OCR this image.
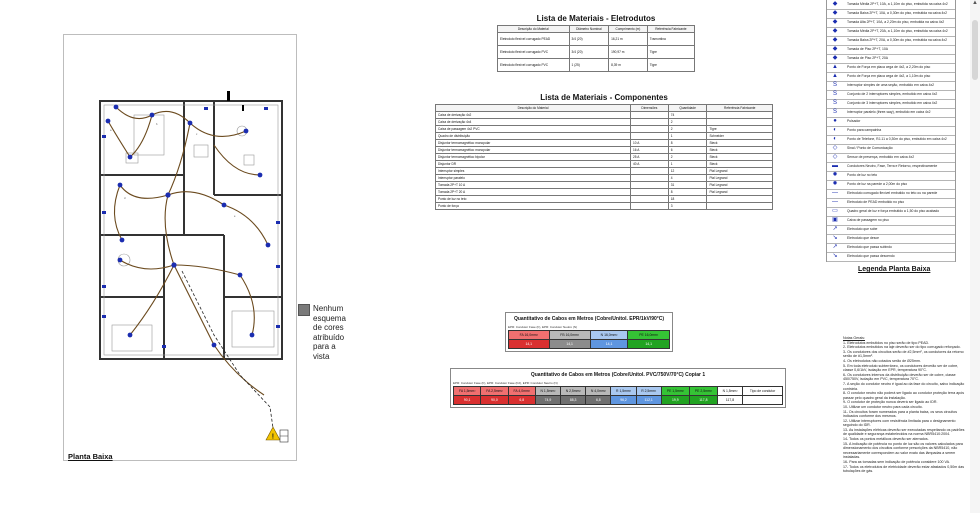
a
b
c
d
e
f
!
Planta Baixa
Nenhum esquema de cores atribuído para a vista
Lista de Materiais - Eletrodutos
Descrição do Material	Diâmetro Nominal	Comprimento (m)	Referência Fabricante
Eletroduto flexível corrugado PEAD	3/4 (20)	16,21 m	Tramontina
Eletroduto flexível corrugado PVC	3/4 (20)	190,97 m	Tigre
Eletroduto flexível corrugado PVC	1 (25)	8,39 m	Tigre
Lista de Materiais - Componentes
Descrição do Material	Dimensões	Quantidade	Referência Fabricante
Caixa de derivação 4x2		74	
Caixa de derivação 4x4		2	
Caixa de passagem 4x2 PVC		2	Tigre
Quadro de distribuição		1	Schneider
Disjuntor termomagnético monopolar	10 A	8	Steck
Disjuntor termomagnético monopolar	16 A	6	Steck
Disjuntor termomagnético bipolar	25 A	2	Steck
Disjuntor DR	40 A	1	Steck
Interruptor simples		12	Pial Legrand
Interruptor paralelo		4	Pial Legrand
Tomada 2P+T 10 A		31	Pial Legrand
Tomada 2P+T 20 A		8	Pial Legrand
Ponto de luz no teto		18	
Ponto de força		3	
Quantitativo de Cabos em Metros (Cobre/Unitol. EPR/1kV/90°C)
EPR: Condutor Fase (F), EPR: Condutor Neutro (N)
FA 16,0mm²	FB 16,0mm²	N 16,0mm²	PE 16,0mm²
14,1	14,1	14,1	14,1
Quantitativo de Cabos em Metros (Cobre/Unitol. PVC/750V/70°C) Copiar 1
EPR: Condutor Fase (F), EPR: Condutor Fase (F2), EPR: Condutor Neutro (N)
FA 1,5mm²	FA 2,5mm²	FA 4,0mm²	N 1,5mm²	N 2,5mm²	N 4,0mm²	R 1,5mm²	R 2,5mm²	PE 1,5mm²	PE 2,5mm²	N 1,5mm²	Tipo de condutor
90,1	90,0	6,8	74,9	88,3	6,8	96,2	112,1	19,9	117,8	117,8	
◆	Tomada Média 2P+T, 10A, a 1,10m do piso, embutida na caixa 4x2
◆	Tomada Baixa 2P+T, 10A, a 0,30m do piso, embutida na caixa 4x2
◆	Tomada Alta 2P+T, 10A, a 2,20m do piso, embutida na caixa 4x2
◆	Tomada Média 2P+T, 20A, a 1,10m do piso, embutida na caixa 4x2
◆	Tomada Baixa 2P+T, 20A, a 0,30m do piso, embutida na caixa 4x2
◆	Tomada de Piso 2P+T, 10A
◆	Tomada de Piso 2P+T, 20A
▲	Ponto de Força em placa cega de 4x2, a 2,20m do piso
▲	Ponto de Força em placa cega de 4x2, a 1,10m do piso
S	Interruptor simples de uma seção, embutido em caixa 4x2
S	Conjunto de 2 interruptores simples, embutido em caixa 4x2
S	Conjunto de 3 interruptores simples, embutido em caixa 4x2
S	Interruptor paralelo (three-way), embutido em caixa 4x2
●	Pulsador
◐	Ponto para campainha
◐	Ponto de Telefone, RJ-11 a 0,30m do piso, embutido em caixa 4x2
◇	Sinal / Ponto de Comunicação
◇	Sensor de presença, embutido em caixa 4x2
▬	Condutores Neutro, Fase, Terra e Retorno, respectivamente
✹	Ponto de luz no teto
✹	Ponto de luz na parede a 2,00m do piso
—	Eletroduto corrugado flexível embutido no teto ou na parede
—	Eletroduto de PEAD embutido no piso
▭	Quadro geral de luz e força embutido a 1,50 do piso acabado
▣	Caixa de passagem no piso
↗	Eletroduto que sobe
↘	Eletroduto que desce
↗	Eletroduto que passa subindo
↘	Eletroduto que passa descendo
Legenda Planta Baixa

Notas Gerais:

1- Eletrodutos embutidos no piso serão de tipo PEAD.

2- Eletrodutos embutidos na laje deverão ser do tipo corrugado reforçado.

3- Os condutores dos circuitos serão de #2,5mm², os condutores da retorno serão de #1,5mm².

4- Os eletrodutos não cotados serão de Ø25mm.

5- Em toda eletroduto subterrâneo, os condutores deverão ser de cobre, classe 0,6/1kV, isolação em EPR, temperatura 90°C.

6- Os condutores internos da distribuição deverão ser de cobre, classe 450/750V, isolação em PVC, temperatura 70°C.

7- A seção do condutor neutro é igual ao da fase do circuito, salvo indicação contrária.

8- O condutor neutro não poderá ser ligado ao condutor proteção terra após passar pelo quadro geral da instalação.

9- O condutor de proteção nunca deverá ser ligado ao IDR.

10- Utilizar um condutor neutro para cada circuito.

11- Os circuitos foram numerados para a planta baixa, os seus circuitos indicados conforme dos mesmos.

12- Utilizar interruptores com resistência limitada para o designamento seguindo do IDR.

13- As instalações elétricas deverão ser executadas respeitando os padrões de qualidade e segurança estabelecidos na norma NBR5410:2004.

14- Todos os pontos metálicos deverão ser aterrados.

15- A indicação de potência no ponto de luz são os valores calculados para dimensionamento dos circuitos conforme prescrições da NBR5410, não necessariamente correspondem ao valor exato das lâmpadas a serem instaladas.

16- Para as tomadas sem indicação de potência considere 100 VA.

17- Todos os eletrodutos de eletricidade deverão estar afastados 0,50m das tubulações de gás.

▲
